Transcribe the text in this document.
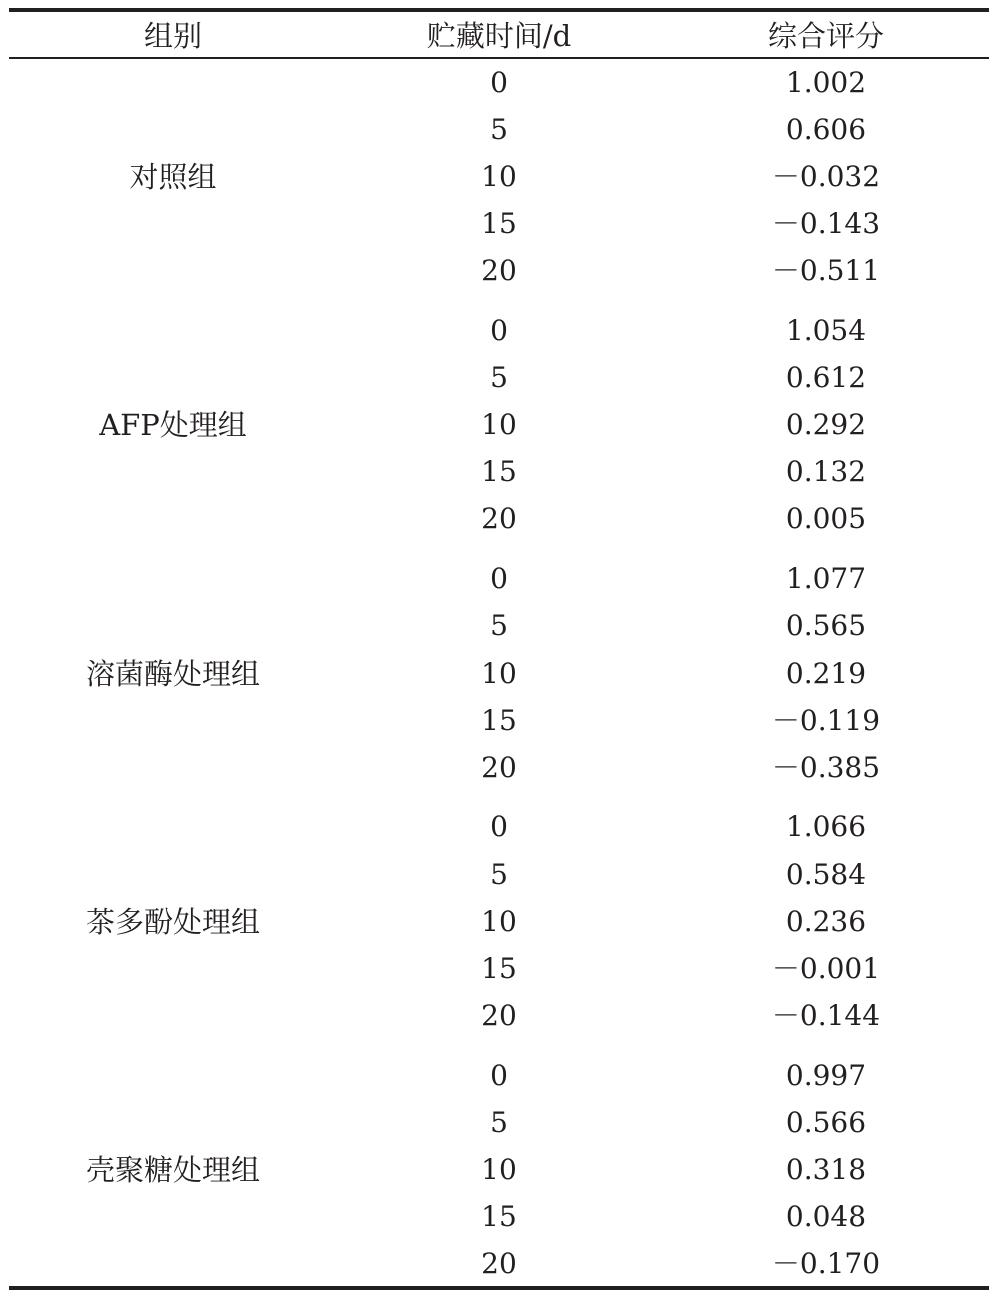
组别	贮藏时间/d	综合评分
对照组
0	1.002
5	0.606
10	－0.032
15	－0.143
20	－0.511
AFP处理组
0	1.054
5	0.612
10	0.292
15	0.132
20	0.005
溶菌酶处理组
0	1.077
5	0.565
10	0.219
15	－0.119
20	－0.385
茶多酚处理组
0	1.066
5	0.584
10	0.236
15	－0.001
20	－0.144
壳聚糖处理组
0	0.997
5	0.566
10	0.318
15	0.048
20	－0.170
